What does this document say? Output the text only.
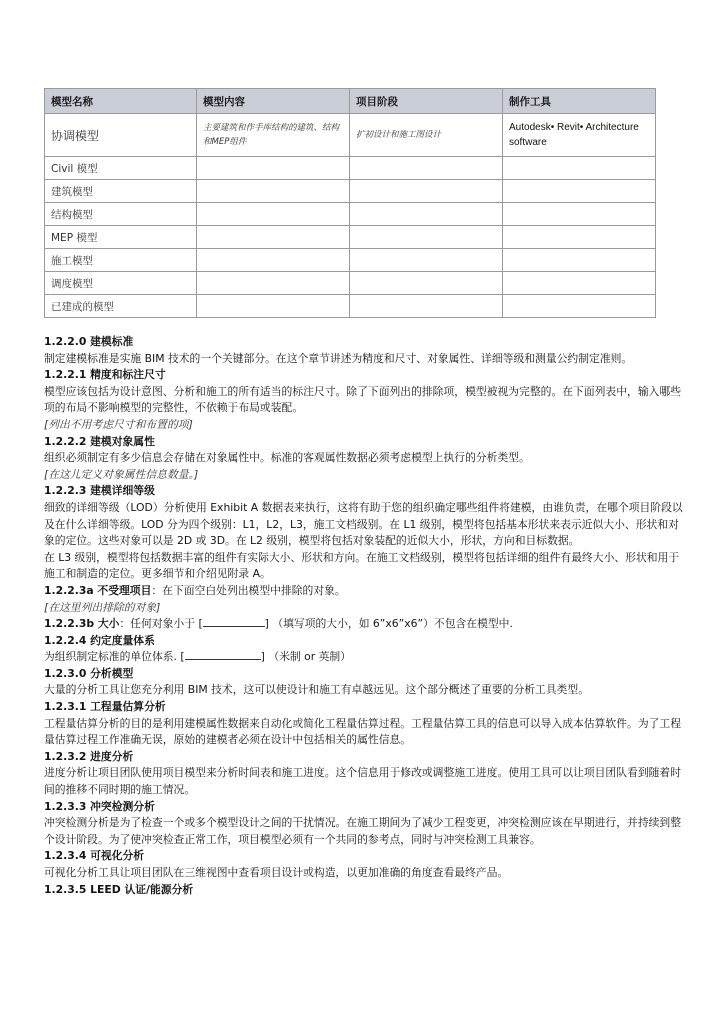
模型名称	模型内容	项目阶段	制作工具
协调模型	主要建筑和作手库结构的建筑、结构和MEP组件	扩初设计和施工图设计	Autodesk• Revit• Architecture software
Civil 模型			
建筑模型			
结构模型			
MEP 模型			
施工模型			
调度模型			
已建成的模型			
1.2.2.0 建模标准
制定建模标准是实施 BIM 技术的一个关键部分。在这个章节讲述为精度和尺寸、对象属性、详细等级和测量公约制定准则。
1.2.2.1 精度和标注尺寸
模型应该包括为设计意图、分析和施工的所有适当的标注尺寸。除了下面列出的排除项，模型被视为完整的。在下面列表中，输入哪些项的布局不影响模型的完整性，不依赖于布局或装配。
[列出不用考虑尺寸和布置的项]
1.2.2.2 建模对象属性
组织必须制定有多少信息会存储在对象属性中。标准的客观属性数据必须考虑模型上执行的分析类型。
[在这儿定义对象属性信息数量。]
1.2.2.3 建模详细等级
细致的详细等级（LOD）分析使用 Exhibit A 数据表来执行，这将有助于您的组织确定哪些组件将建模，由谁负责，在哪个项目阶段以及在什么详细等级。LOD 分为四个级别：L1，L2，L3，施工文档级别。在 L1 级别，模型将包括基本形状来表示近似大小、形状和对象的定位。这些对象可以是 2D 或 3D。在 L2 级别，模型将包括对象装配的近似大小，形状，方向和目标数据。
在 L3 级别，模型将包括数据丰富的组件有实际大小、形状和方向。在施工文档级别，模型将包括详细的组件有最终大小、形状和用于施工和制造的定位。更多细节和介绍见附录 A。
1.2.2.3a 不受理项目：在下面空白处列出模型中排除的对象。
[在这里列出排除的对象]
1.2.2.3b 大小：任何对象小于 [	] （填写项的大小，如 6”x6”x6”）不包含在模型中.
1.2.2.4 约定度量体系
为组织制定标准的单位体系. [	] （米制 or 英制）
1.2.3.0 分析模型
大量的分析工具让您充分利用 BIM 技术，这可以使设计和施工有卓越远见。这个部分概述了重要的分析工具类型。
1.2.3.1 工程量估算分析
工程量估算分析的目的是利用建模属性数据来自动化或简化工程量估算过程。工程量估算工具的信息可以导入成本估算软件。为了工程量估算过程工作准确无误，原始的建模者必须在设计中包括相关的属性信息。
1.2.3.2 进度分析
进度分析让项目团队使用项目模型来分析时间表和施工进度。这个信息用于修改或调整施工进度。使用工具可以让项目团队看到随着时间的推移不同时期的施工情况。
1.2.3.3 冲突检测分析
冲突检测分析是为了检查一个或多个模型设计之间的干扰情况。在施工期间为了减少工程变更，冲突检测应该在早期进行，并持续到整个设计阶段。为了使冲突检查正常工作，项目模型必须有一个共同的参考点，同时与冲突检测工具兼容。
1.2.3.4 可视化分析
可视化分析工具让项目团队在三维视图中查看项目设计或构造，以更加准确的角度查看最终产品。
1.2.3.5 LEED 认证/能源分析
